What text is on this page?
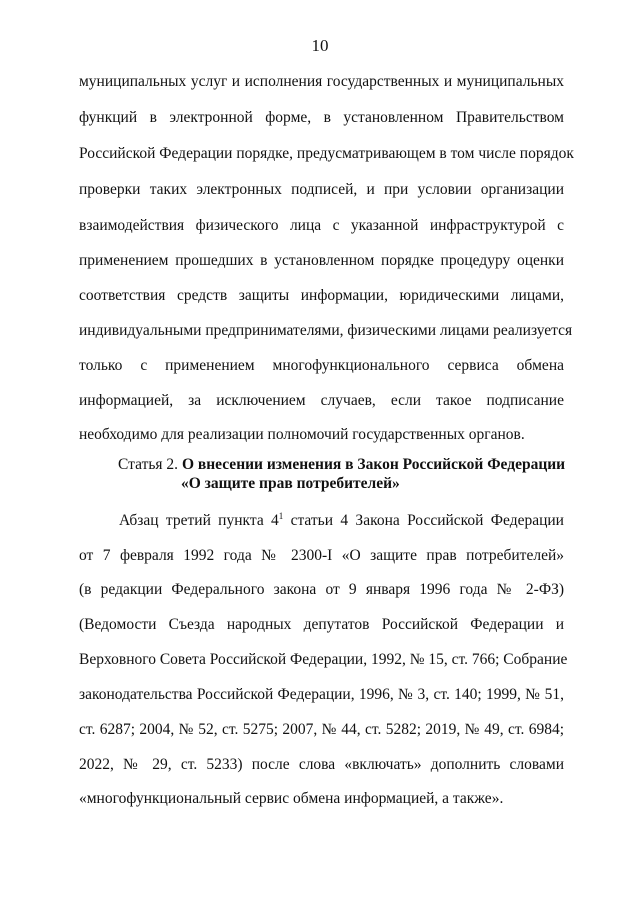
10
муниципальных услуг и исполнения государственных и муниципальных
функций в электронной форме, в установленном Правительством
Российской Федерации порядке, предусматривающем в том числе порядок
проверки таких электронных подписей, и при условии организации
взаимодействия физического лица с указанной инфраструктурой с
применением прошедших в установленном порядке процедуру оценки
соответствия средств защиты информации, юридическими лицами,
индивидуальными предпринимателями, физическими лицами реализуется
только с применением многофункционального сервиса обмена
информацией, за исключением случаев, если такое подписание
необходимо для реализации полномочий государственных органов.
Статья 2. О внесении изменения в Закон Российской Федерации
«О защите прав потребителей»
Абзац третий пункта $4^1$ статьи 4 Закона Российской Федерации
от 7 февраля 1992 года № 2300-I «О защите прав потребителей»
(в редакции Федерального закона от 9 января 1996 года № 2-ФЗ)
(Ведомости Съезда народных депутатов Российской Федерации и
Верховного Совета Российской Федерации, 1992, № 15, ст. 766; Собрание
законодательства Российской Федерации, 1996, № 3, ст. 140; 1999, № 51,
ст. 6287; 2004, № 52, ст. 5275; 2007, № 44, ст. 5282; 2019, № 49, ст. 6984;
2022, № 29, ст. 5233) после слова «включать» дополнить словами
«многофункциональный сервис обмена информацией, а также».
